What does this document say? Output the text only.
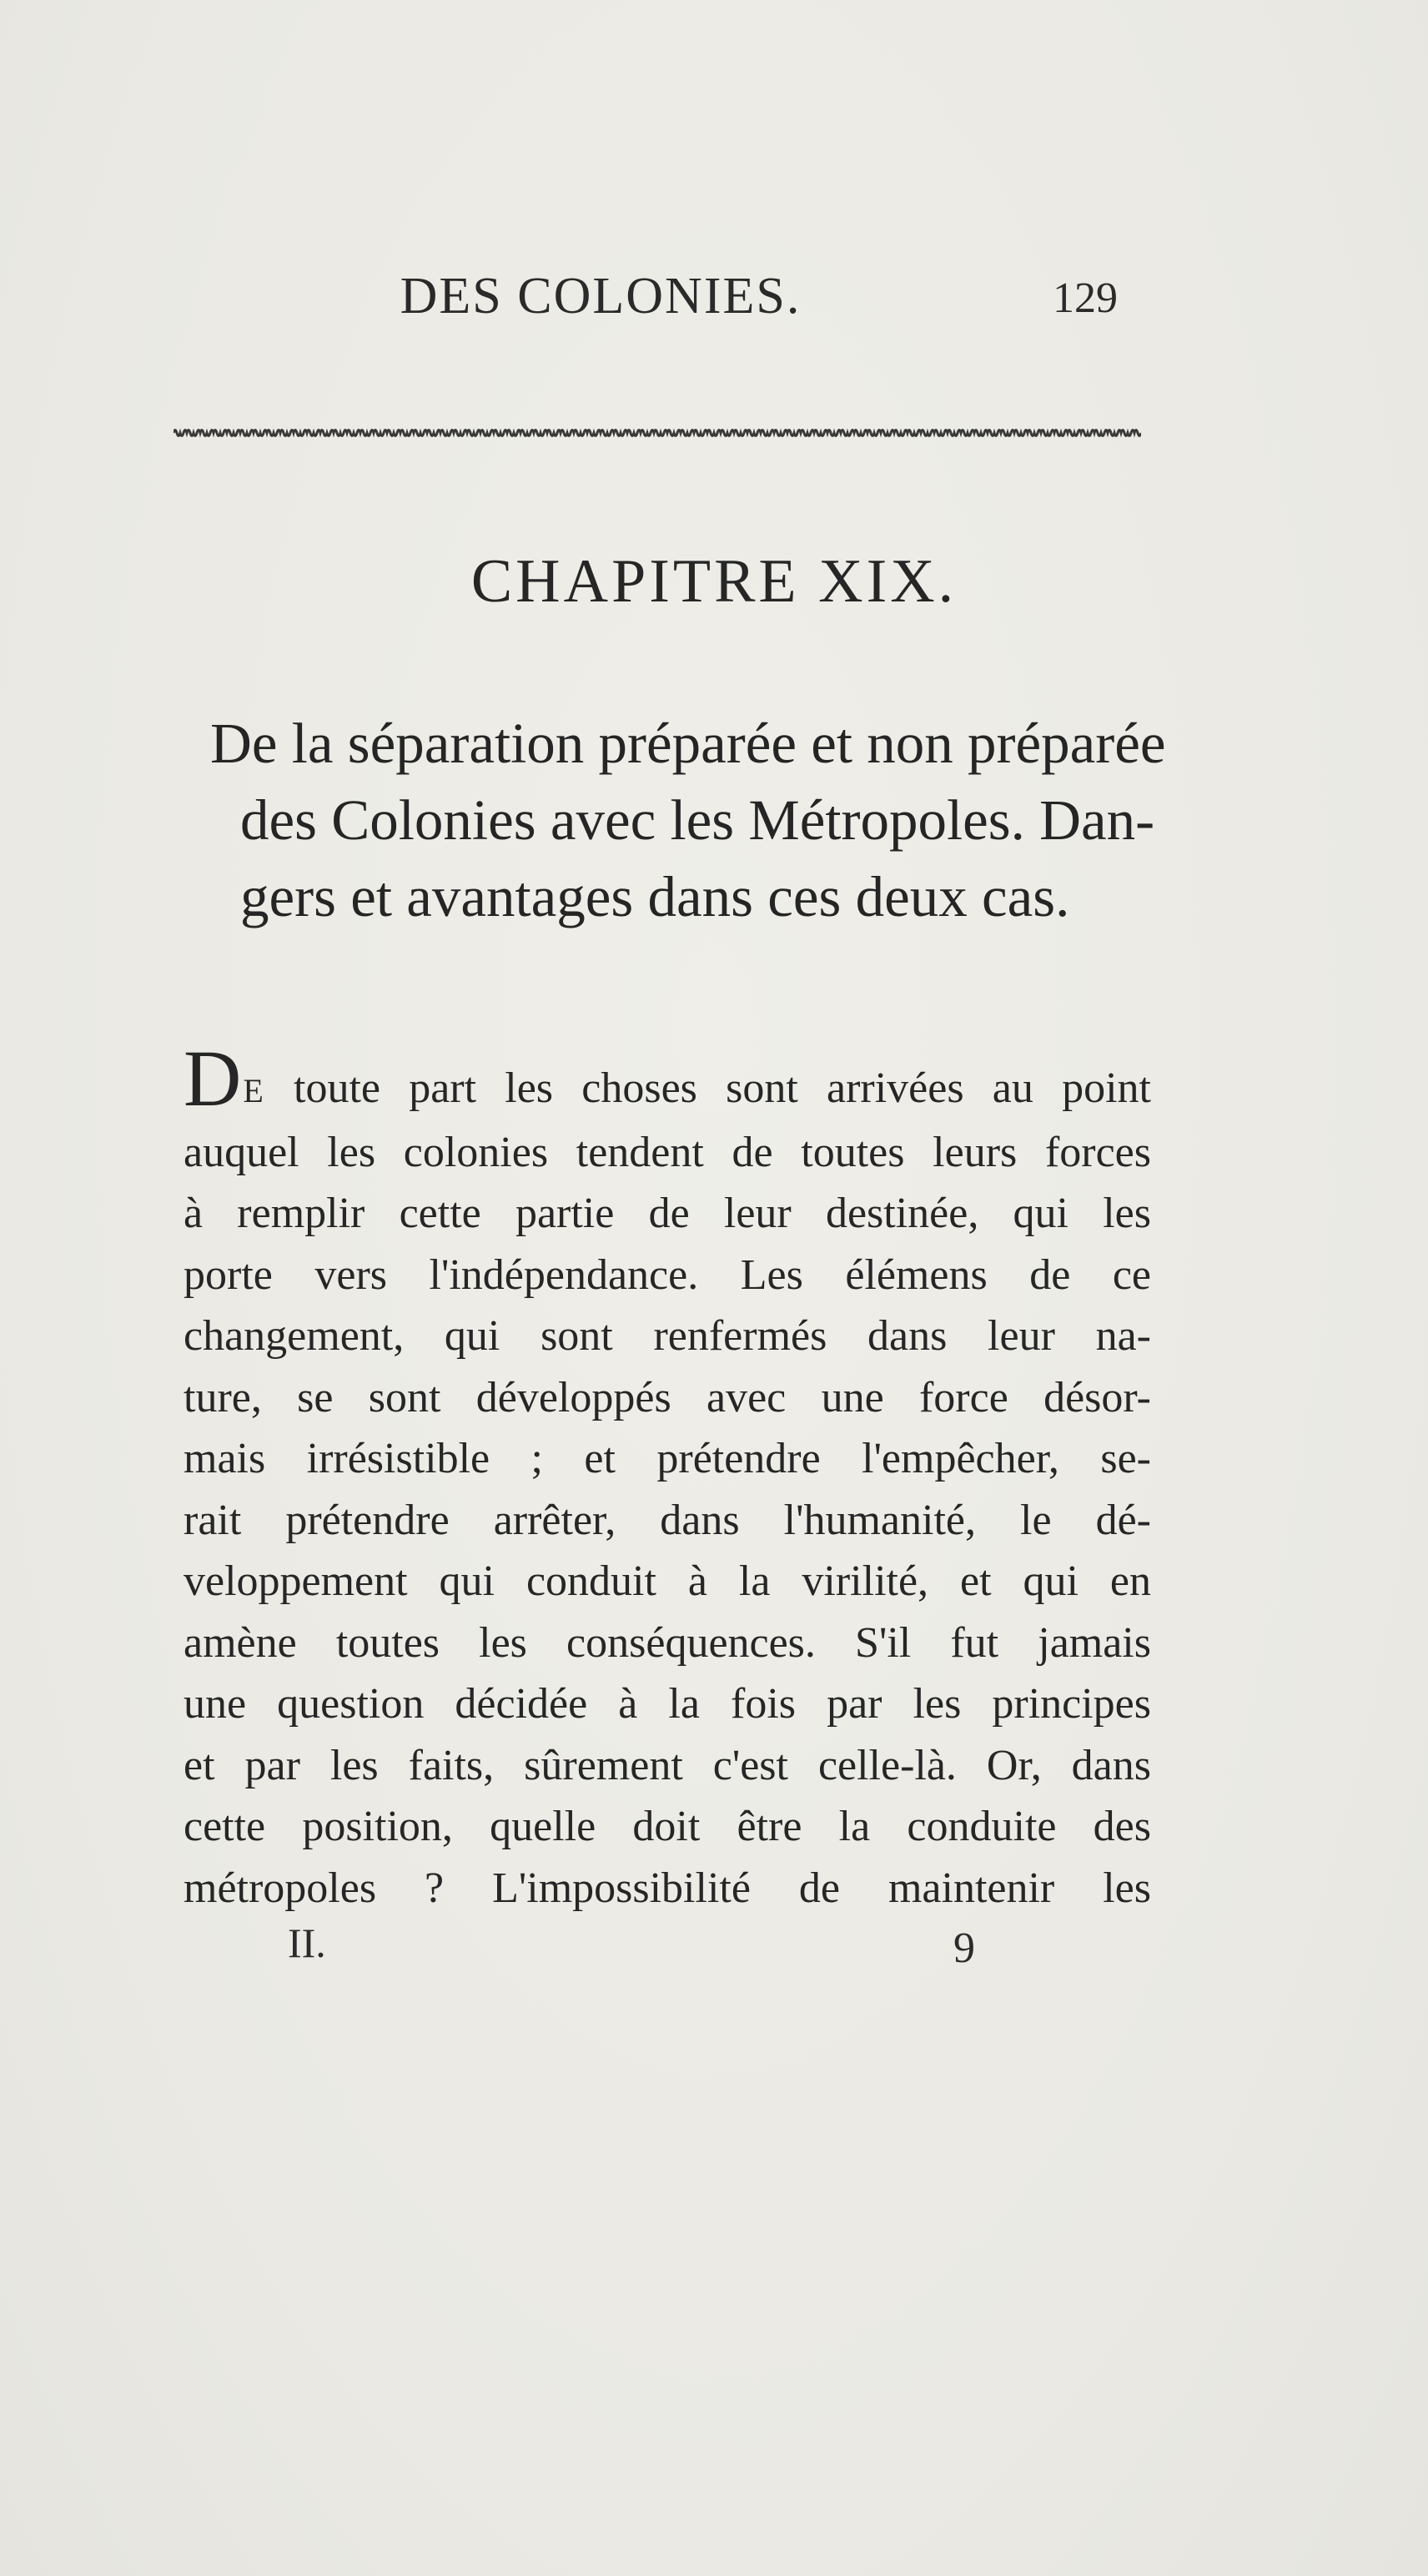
DES COLONIES.	129
CHAPITRE XIX.
De la séparation préparée et non préparée
des Colonies avec les Métropoles. Dan-
gers et avantages dans ces deux cas.
DE toute part les choses sont arrivées au point
auquel les colonies tendent de toutes leurs forces
à remplir cette partie de leur destinée, qui les
porte vers l'indépendance. Les élémens de ce
changement, qui sont renfermés dans leur na-
ture, se sont développés avec une force désor-
mais irrésistible ; et prétendre l'empêcher, se-
rait prétendre arrêter, dans l'humanité, le dé-
veloppement qui conduit à la virilité, et qui en
amène toutes les conséquences. S'il fut jamais
une question décidée à la fois par les principes
et par les faits, sûrement c'est celle-là. Or, dans
cette position, quelle doit être la conduite des
métropoles ? L'impossibilité de maintenir les
II.	9
